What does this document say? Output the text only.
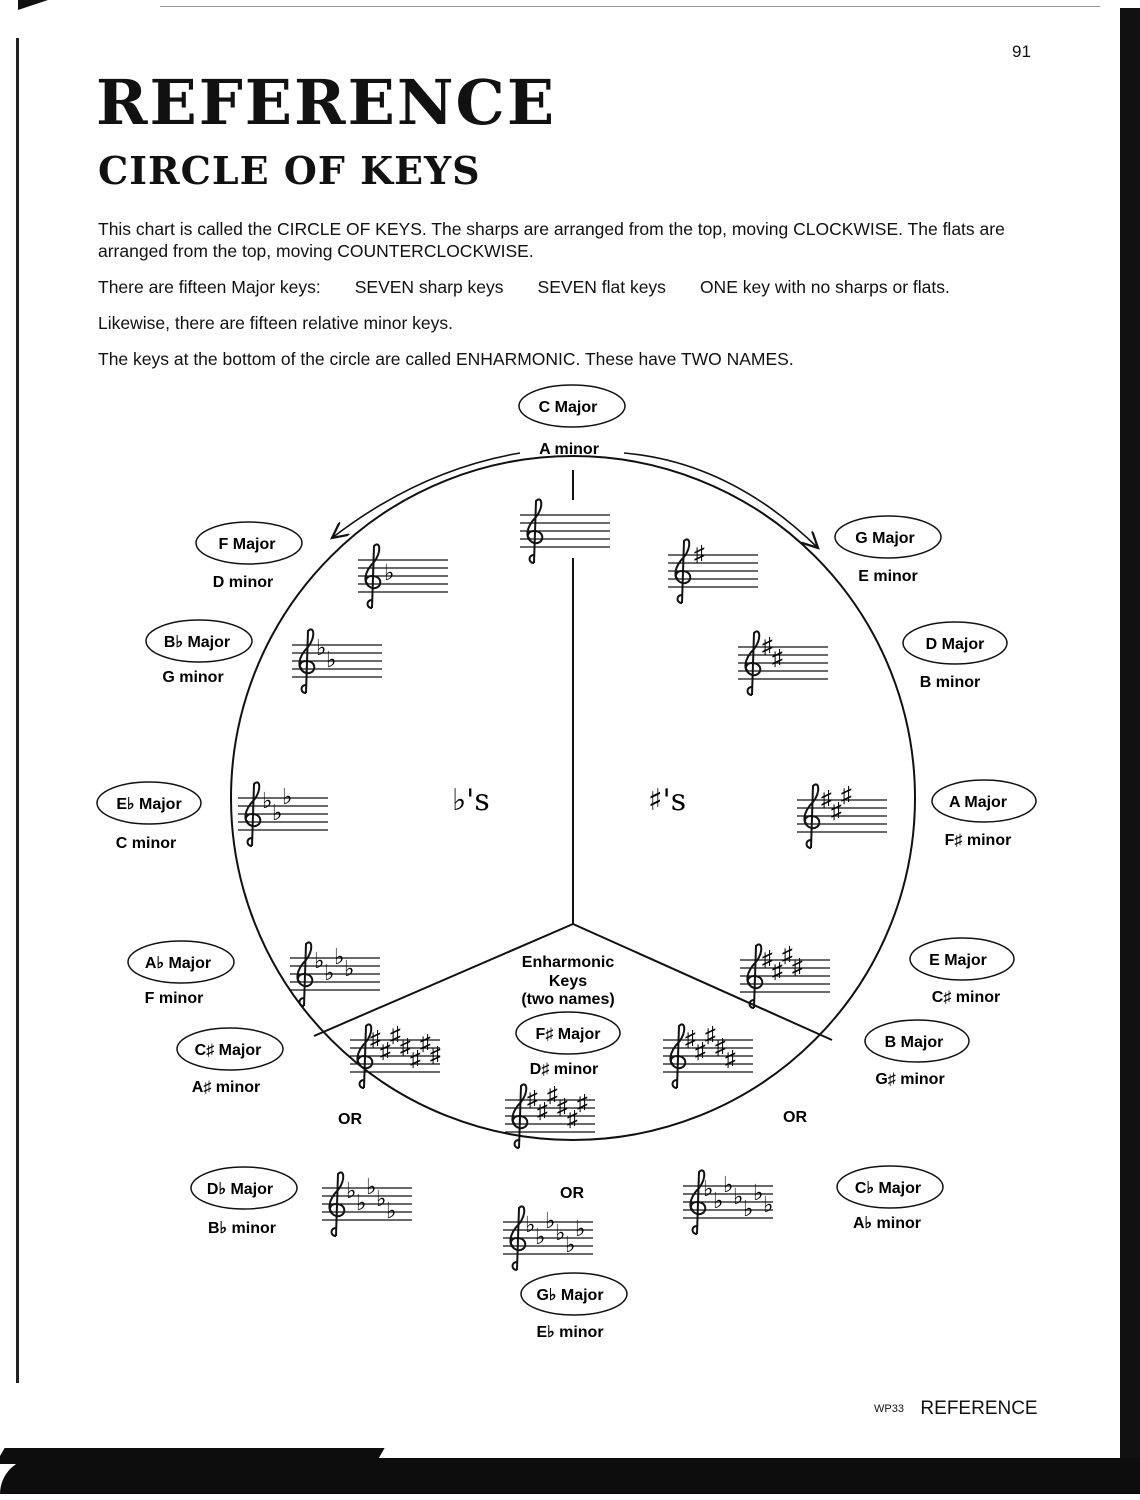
91
REFERENCE
CIRCLE OF KEYS

This chart is called the CIRCLE OF KEYS. The sharps are arranged from the top, moving CLOCKWISE. The flats are arranged from the top, moving COUNTERCLOCKWISE.

There are fifteen Major keys: SEVEN sharp keys SEVEN flat keys ONE key with no sharps or flats.

Likewise, there are fifteen relative minor keys.

The keys at the bottom of the circle are called ENHARMONIC. These have TWO NAMES.

♭'s	♯'s
Enharmonic
Keys
(two names)
OR	OR
OR
C Major
A minor
G Major
E minor
D Major
B minor
A Major
F♯ minor
E Major
C♯ minor
B Major
G♯ minor
F♯ Major
D♯ minor
C♭ Major
A♭ minor
G♭ Major
E♭ minor
D♭ Major
B♭ minor
C♯ Major
A♯ minor
A♭ Major
F minor
E♭ Major
C minor
B♭ Major
G minor
F Major
D minor
♯
♯ ♯
♯ ♯
♯
♯ ♯
♯ ♯
♯ ♯
♯ ♯ ♯
♯ ♯
♯ ♯ ♯
♯
♯ ♯
♯ ♯ ♯
♯ ♯
♭
♭ ♭
♭ ♭
♭
♭ ♭
♭ ♭
♭ ♭
♭ ♭ ♭
♭ ♭
♭ ♭ ♭
♭
♭ ♭
♭ ♭ ♭
♭ ♭
WP33 REFERENCE
